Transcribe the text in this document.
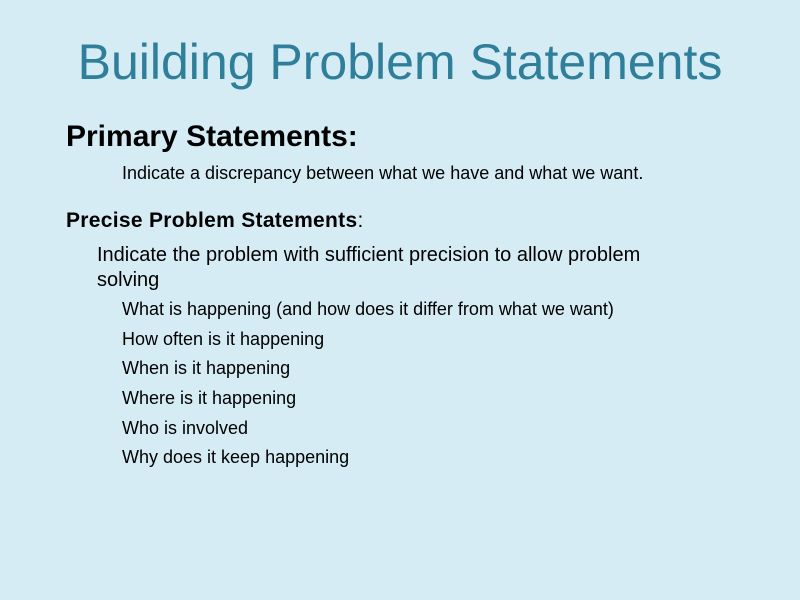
Building Problem Statements
Primary Statements:
Indicate a discrepancy between what we have and what we want.
Precise Problem Statements:
Indicate the problem with sufficient precision to allow problem solving
What is happening (and how does it differ from what we want)
How often is it happening
When is it happening
Where is it happening
Who is involved
Why does it keep happening
